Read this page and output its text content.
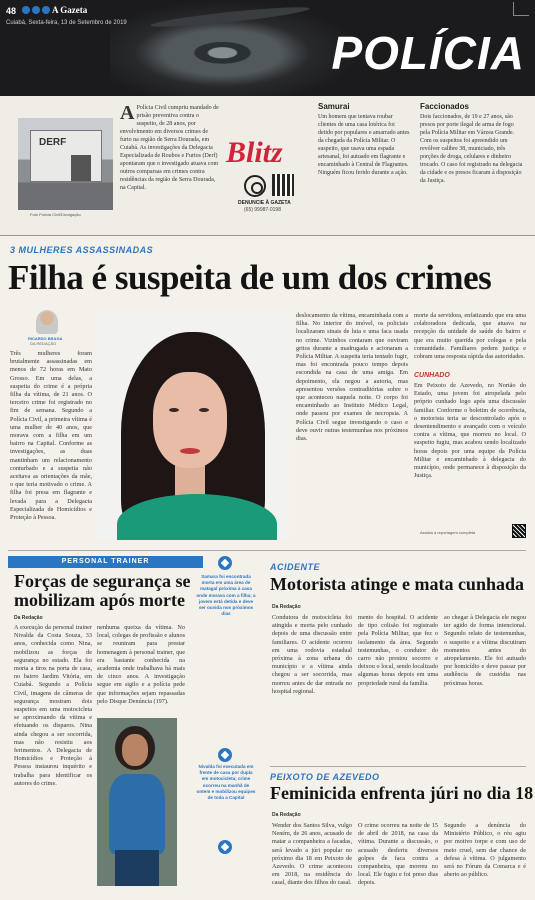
48	A Gazeta
Cuiabá, Sexta-feira, 13 de Setembro de 2019
POLÍCIA
DERF
Foto Polícia Civil/Divulgação
A Polícia Civil cumpriu mandado de prisão preventiva contra o suspeito, de 28 anos, por envolvimento em diversos crimes de furto na região de Serra Dourada, em Cuiabá. As investigações da Delegacia Especializada de Roubos e Furtos (Derf) apontaram que o investigado atuava com outros comparsas em crimes contra residências da região de Serra Dourada, na Capital.
Blitz
DENUNCIE À GAZETA
(65) 99987-0198
Samurai
Um homem que tentava roubar clientes de uma casa lotérica foi detido por populares e amarrado antes da chegada da Polícia Militar. O suspeito, que usava uma espada artesanal, foi autuado em flagrante e encaminhado à Central de Flagrantes. Ninguém ficou ferido durante a ação.
Faccionados
Dois faccionados, de 19 e 27 anos, são presos por porte ilegal de arma de fogo pela Polícia Militar em Várzea Grande. Com os suspeitos foi apreendido um revólver calibre 38, municiado, três porções de droga, celulares e dinheiro trocado. O caso foi registrado na delegacia da cidade e os presos ficaram à disposição da Justiça.
3 MULHERES ASSASSINADAS
Filha é suspeita de um dos crimes
RICARDO BRAGA
DA REDAÇÃO
Três mulheres foram brutalmente assassinadas em menos de 72 horas em Mato Grosso. Em uma delas, a suspeita do crime é a própria filha da vítima, de 21 anos. O terceiro crime foi registrado no fim de semana. Segundo a Polícia Civil, a primeira vítima é uma mulher de 40 anos, que morava com a filha em um bairro na Capital. Conforme as investigações, as duas mantinham um relacionamento conturbado e a suspeita não aceitava as orientações da mãe, o que teria motivado o crime. A filha foi presa em flagrante e levada para a Delegacia Especializada de Homicídios e Proteção à Pessoa.
deslocamento da vítima, encaminhada com a filha. No interior do imóvel, os policiais localizaram sinais de luta e uma faca usada no crime. Vizinhos contaram que ouviram gritos durante a madrugada e acionaram a Polícia Militar. A suspeita teria tentado fugir, mas foi encontrada pouco tempo depois escondida na casa de uma amiga. Em depoimento, ela negou a autoria, mas apresentou versões contraditórias sobre o que aconteceu naquela noite. O corpo foi encaminhado ao Instituto Médico Legal, onde passou por exames de necropsia. A Polícia Civil segue investigando o caso e deve ouvir outras testemunhas nos próximos dias.
morte da servidora, enfatizando que era uma colaboradora dedicada, que atuava na recepção da unidade de saúde do bairro e que era muito querida por colegas e pela comunidade. Familiares pedem justiça e cobram uma resposta rápida das autoridades.
CUNHADO
Em Peixoto de Azevedo, no Nortão do Estado, uma jovem foi atropelada pelo próprio cunhado logo após uma discussão familiar. Conforme o boletim de ocorrência, o motorista teria se descontrolado após o desentendimento e avançado com o veículo contra a vítima, que morreu no local. O suspeito fugiu, mas acabou sendo localizado horas depois por uma equipe da Polícia Militar e encaminhado à delegacia do município, onde permanece à disposição da Justiça.
Assista à reportagem completa
PERSONAL TRAINER
Forças de segurança se mobilizam após morte
Da Redação
A execução da personal trainer Nivalda da Costa Souza, 33 anos, conhecida como Nina, mobilizou as forças de segurança no estado. Ela foi morta a tiros na porta de casa, no bairro Jardim Vitória, em Cuiabá. Segundo a Polícia Civil, imagens de câmeras de segurança mostram dois suspeitos em uma motocicleta se aproximando da vítima e efetuando os disparos. Nina ainda chegou a ser socorrida, mas não resistiu aos ferimentos. A Delegacia de Homicídios e Proteção à Pessoa instaurou inquérito e trabalha para identificar os autores do crime.
nenhuma queixa da vítima. No local, colegas de profissão e alunos se reuniram para prestar homenagem à personal trainer, que era bastante conhecida na academia onde trabalhava há mais de cinco anos. A investigação segue em sigilo e a polícia pede que informações sejam repassadas pelo Disque Denúncia (197).
Samara foi encontrada morta em uma área de matagal próxima à casa onde morava com a filha; a jovem está detida e deve ser ouvida nos próximos dias
Nivalda foi executada em frente de casa por dupla em motocicleta; crime ocorreu na manhã de ontem e mobilizou equipes de toda a Capital
ACIDENTE
Motorista atinge e mata cunhada
Da Redação
Condutora de motocicleta foi atingida e morta pelo cunhado depois de uma discussão entre familiares. O acidente ocorreu em uma rodovia estadual próxima à zona urbana do município e a vítima ainda chegou a ser socorrida, mas morreu antes de dar entrada no hospital regional.
mento do hospital. O acidente de tipo colisão foi registrado pela Polícia Militar, que fez o isolamento da área. Segundo testemunhas, o condutor do carro não prestou socorro e deixou o local, sendo localizado algumas horas depois em uma propriedade rural da família.
ao chegar à Delegacia ele negou ter agido de forma intencional. Segundo relato de testemunhas, o suspeito e a vítima discutiram momentos antes do atropelamento. Ele foi autuado por homicídio e deve passar por audiência de custódia nas próximas horas.
PEIXOTO DE AZEVEDO
Feminicida enfrenta júri no dia 18
Da Redação
Wender dos Santos Silva, vulgo Neném, de 26 anos, acusado de matar a companheira a facadas, será levado a júri popular no próximo dia 18 em Peixoto de Azevedo. O crime aconteceu em 2018, na residência do casal, diante dos filhos do casal.
O crime ocorreu na noite de 15 de abril de 2018, na casa da vítima. Durante a discussão, o acusado desferiu diversos golpes de faca contra a companheira, que morreu no local. Ele fugiu e foi preso dias depois.
Segundo a denúncia do Ministério Público, o réu agiu por motivo torpe e com uso de meio cruel, sem dar chance de defesa à vítima. O julgamento será no Fórum da Comarca e é aberto ao público.
